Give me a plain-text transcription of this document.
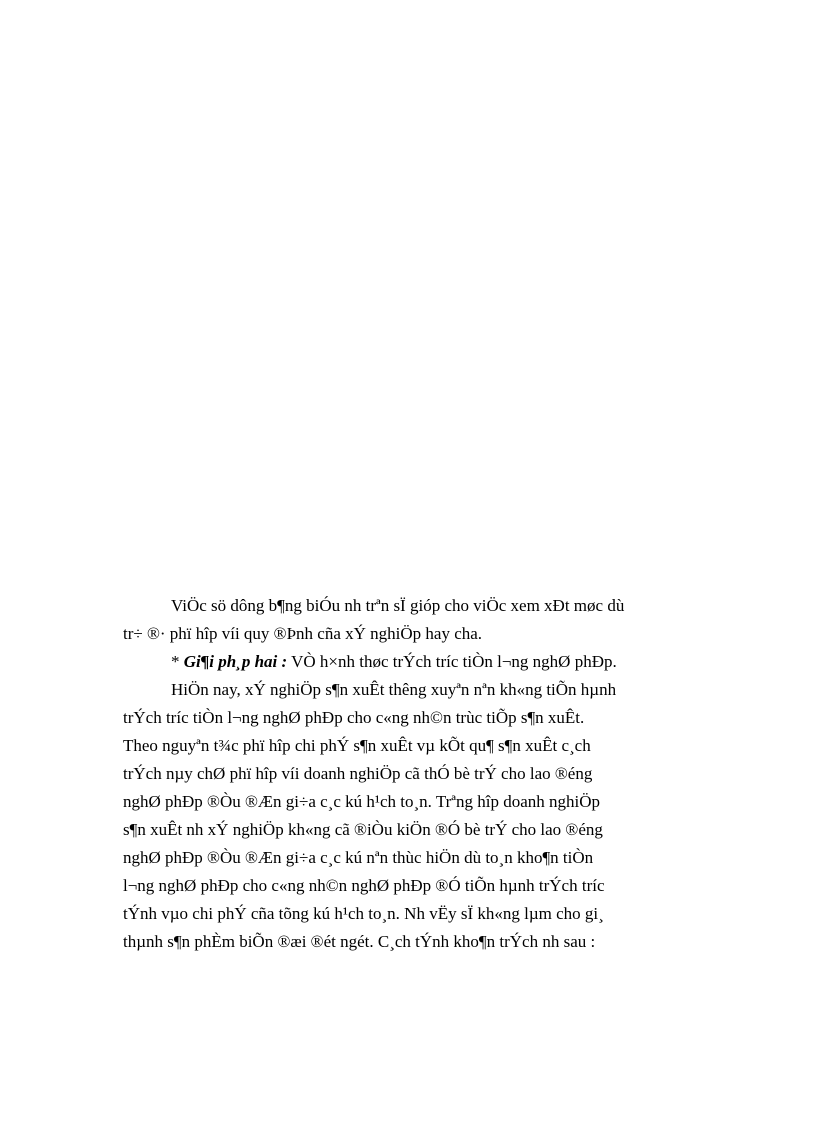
ViÖc sö dông b¶ng biÓu nh trªn sÏ gióp cho viÖc xem xÐt møc dù
tr÷ ®· phï hîp víi quy ®Þnh cña xÝ nghiÖp hay cha.
* Gi¶i ph¸p hai : VÒ h×nh thøc trÝch tríc tiÒn l¬ng nghØ phÐp.
HiÖn nay, xÝ nghiÖp s¶n xuÊt thêng xuyªn nªn kh«ng tiÕn hµnh
trÝch tríc tiÒn l¬ng nghØ phÐp cho c«ng nh©n trùc tiÕp s¶n xuÊt.
Theo nguyªn t¾c phï hîp chi phÝ s¶n xuÊt vµ kÕt qu¶ s¶n xuÊt c¸ch
trÝch nµy chØ phï hîp víi doanh nghiÖp cã thÓ bè trÝ cho lao ®éng
nghØ phÐp ®Òu ®Æn gi÷a c¸c kú h¹ch to¸n. Trªng hîp doanh nghiÖp
s¶n xuÊt nh xÝ nghiÖp kh«ng cã ®iÒu kiÖn ®Ó bè trÝ cho lao ®éng
nghØ phÐp ®Òu ®Æn gi÷a c¸c kú nªn thùc hiÖn dù to¸n kho¶n tiÒn
l¬ng nghØ phÐp cho c«ng nh©n nghØ phÐp ®Ó tiÕn hµnh trÝch tríc
tÝnh vµo chi phÝ cña tõng kú h¹ch to¸n. Nh vËy sÏ kh«ng lµm cho gi¸
thµnh s¶n phÈm biÕn ®æi ®ét ngét. C¸ch tÝnh kho¶n trÝch nh sau :
